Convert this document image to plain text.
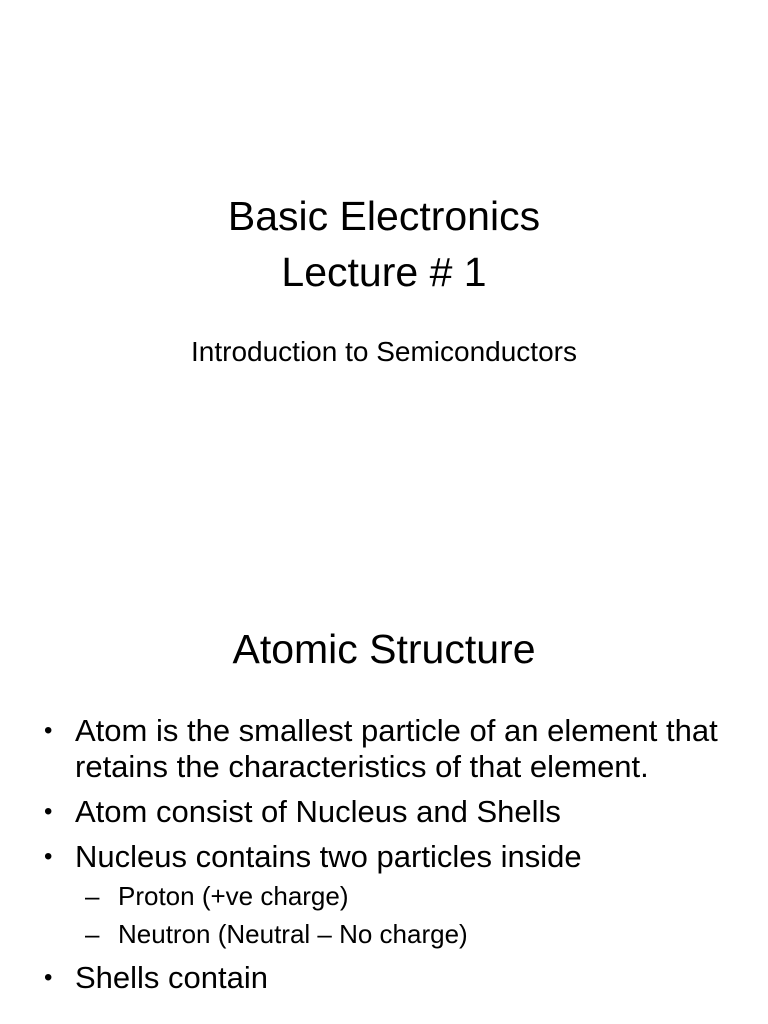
Basic Electronics
Lecture # 1

Introduction to Semiconductors

Atomic Structure
• Atom is the smallest particle of an element that retains the characteristics of that element.
• Atom consist of Nucleus and Shells
• Nucleus contains two particles inside
– Proton (+ve charge)
– Neutron (Neutral – No charge)
• Shells contain
